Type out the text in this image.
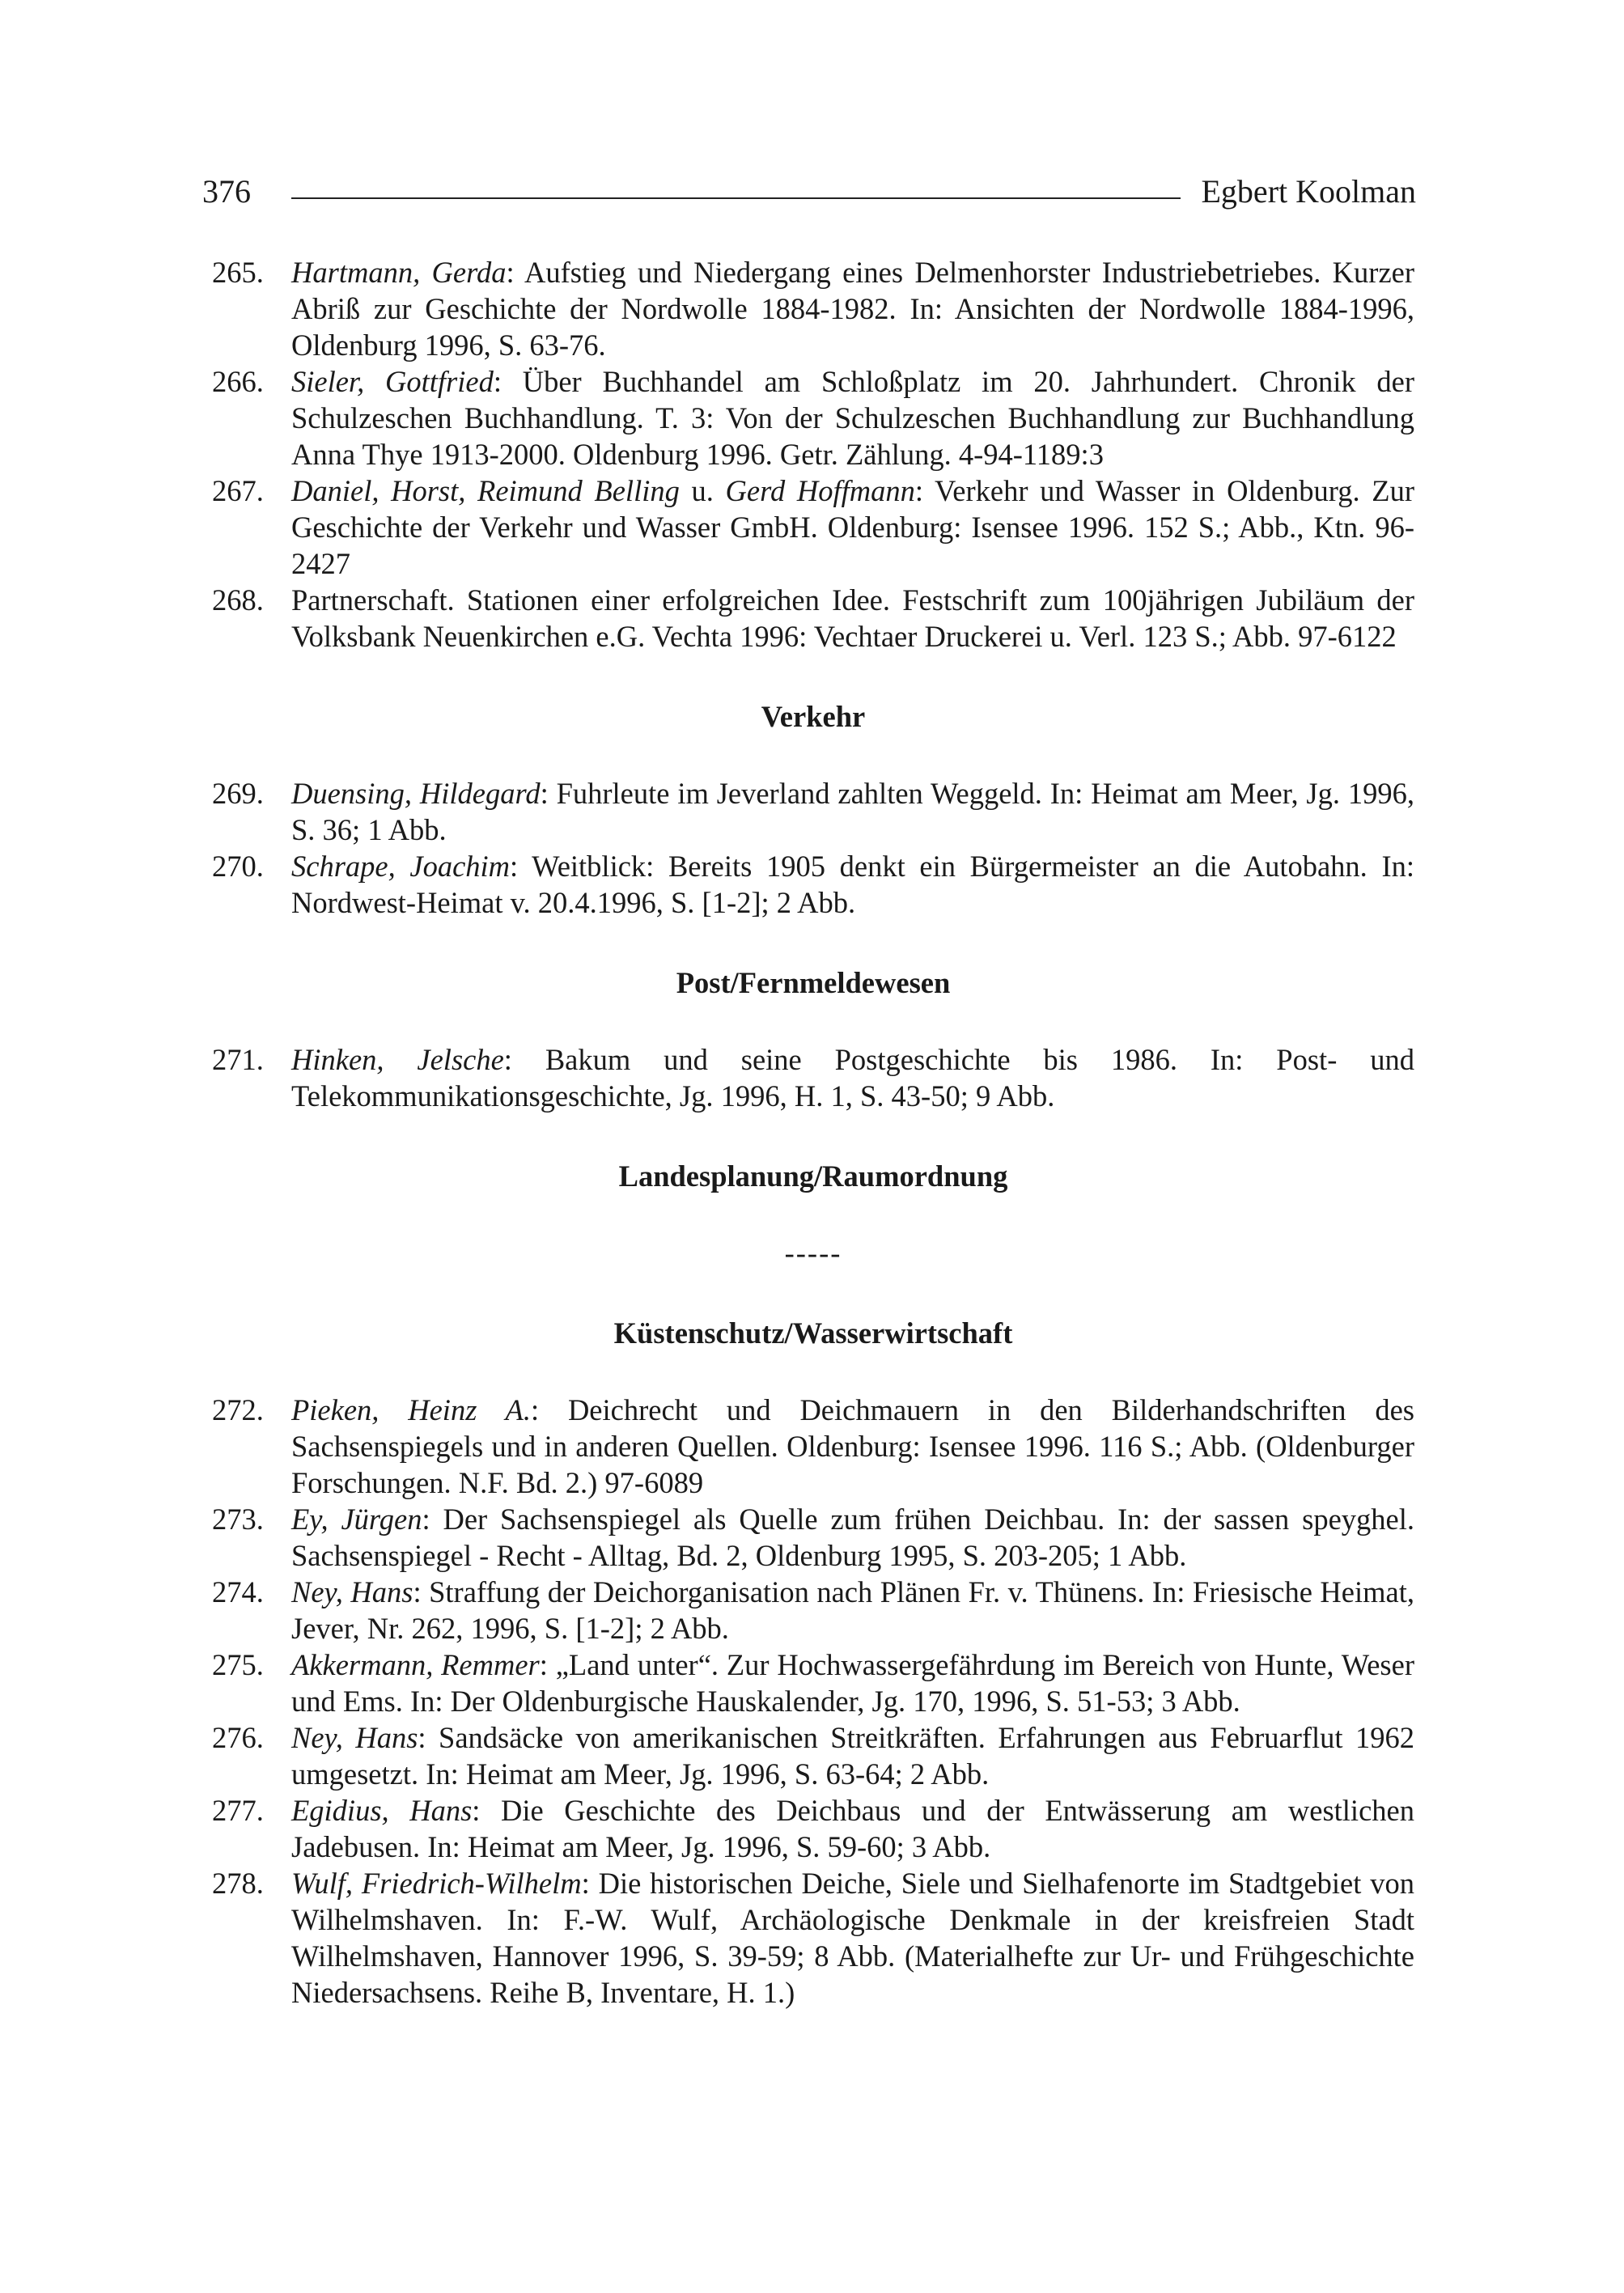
376	Egbert Koolman
265. Hartmann, Gerda: Aufstieg und Niedergang eines Delmenhorster Industriebetriebes. Kurzer Abriß zur Geschichte der Nordwolle 1884-1982. In: Ansichten der Nordwolle 1884-1996, Oldenburg 1996, S. 63-76.
266. Sieler, Gottfried: Über Buchhandel am Schloßplatz im 20. Jahrhundert. Chronik der Schulzeschen Buchhandlung. T. 3: Von der Schulzeschen Buchhandlung zur Buchhandlung Anna Thye 1913-2000. Oldenburg 1996. Getr. Zählung. 4-94-1189:3
267. Daniel, Horst, Reimund Belling u. Gerd Hoffmann: Verkehr und Wasser in Oldenburg. Zur Geschichte der Verkehr und Wasser GmbH. Oldenburg: Isensee 1996. 152 S.; Abb., Ktn. 96-2427
268. Partnerschaft. Stationen einer erfolgreichen Idee. Festschrift zum 100jährigen Jubiläum der Volksbank Neuenkirchen e.G. Vechta 1996: Vechtaer Druckerei u. Verl. 123 S.; Abb. 97-6122
Verkehr
269. Duensing, Hildegard: Fuhrleute im Jeverland zahlten Weggeld. In: Heimat am Meer, Jg. 1996, S. 36; 1 Abb.
270. Schrape, Joachim: Weitblick: Bereits 1905 denkt ein Bürgermeister an die Autobahn. In: Nordwest-Heimat v. 20.4.1996, S. [1-2]; 2 Abb.
Post/Fernmeldewesen
271. Hinken, Jelsche: Bakum und seine Postgeschichte bis 1986. In: Post- und Telekommunikationsgeschichte, Jg. 1996, H. 1, S. 43-50; 9 Abb.
Landesplanung/Raumordnung
-----
Küstenschutz/Wasserwirtschaft
272. Pieken, Heinz A.: Deichrecht und Deichmauern in den Bilderhandschriften des Sachsenspiegels und in anderen Quellen. Oldenburg: Isensee 1996. 116 S.; Abb. (Oldenburger Forschungen. N.F. Bd. 2.) 97-6089
273. Ey, Jürgen: Der Sachsenspiegel als Quelle zum frühen Deichbau. In: der sassen speyghel. Sachsenspiegel - Recht - Alltag, Bd. 2, Oldenburg 1995, S. 203-205; 1 Abb.
274. Ney, Hans: Straffung der Deichorganisation nach Plänen Fr. v. Thünens. In: Friesische Heimat, Jever, Nr. 262, 1996, S. [1-2]; 2 Abb.
275. Akkermann, Remmer: „Land unter“. Zur Hochwassergefährdung im Bereich von Hunte, Weser und Ems. In: Der Oldenburgische Hauskalender, Jg. 170, 1996, S. 51-53; 3 Abb.
276. Ney, Hans: Sandsäcke von amerikanischen Streitkräften. Erfahrungen aus Februarflut 1962 umgesetzt. In: Heimat am Meer, Jg. 1996, S. 63-64; 2 Abb.
277. Egidius, Hans: Die Geschichte des Deichbaus und der Entwässerung am westlichen Jadebusen. In: Heimat am Meer, Jg. 1996, S. 59-60; 3 Abb.
278. Wulf, Friedrich-Wilhelm: Die historischen Deiche, Siele und Sielhafenorte im Stadtgebiet von Wilhelmshaven. In: F.-W. Wulf, Archäologische Denkmale in der kreisfreien Stadt Wilhelmshaven, Hannover 1996, S. 39-59; 8 Abb. (Materialhefte zur Ur- und Frühgeschichte Niedersachsens. Reihe B, Inventare, H. 1.)
